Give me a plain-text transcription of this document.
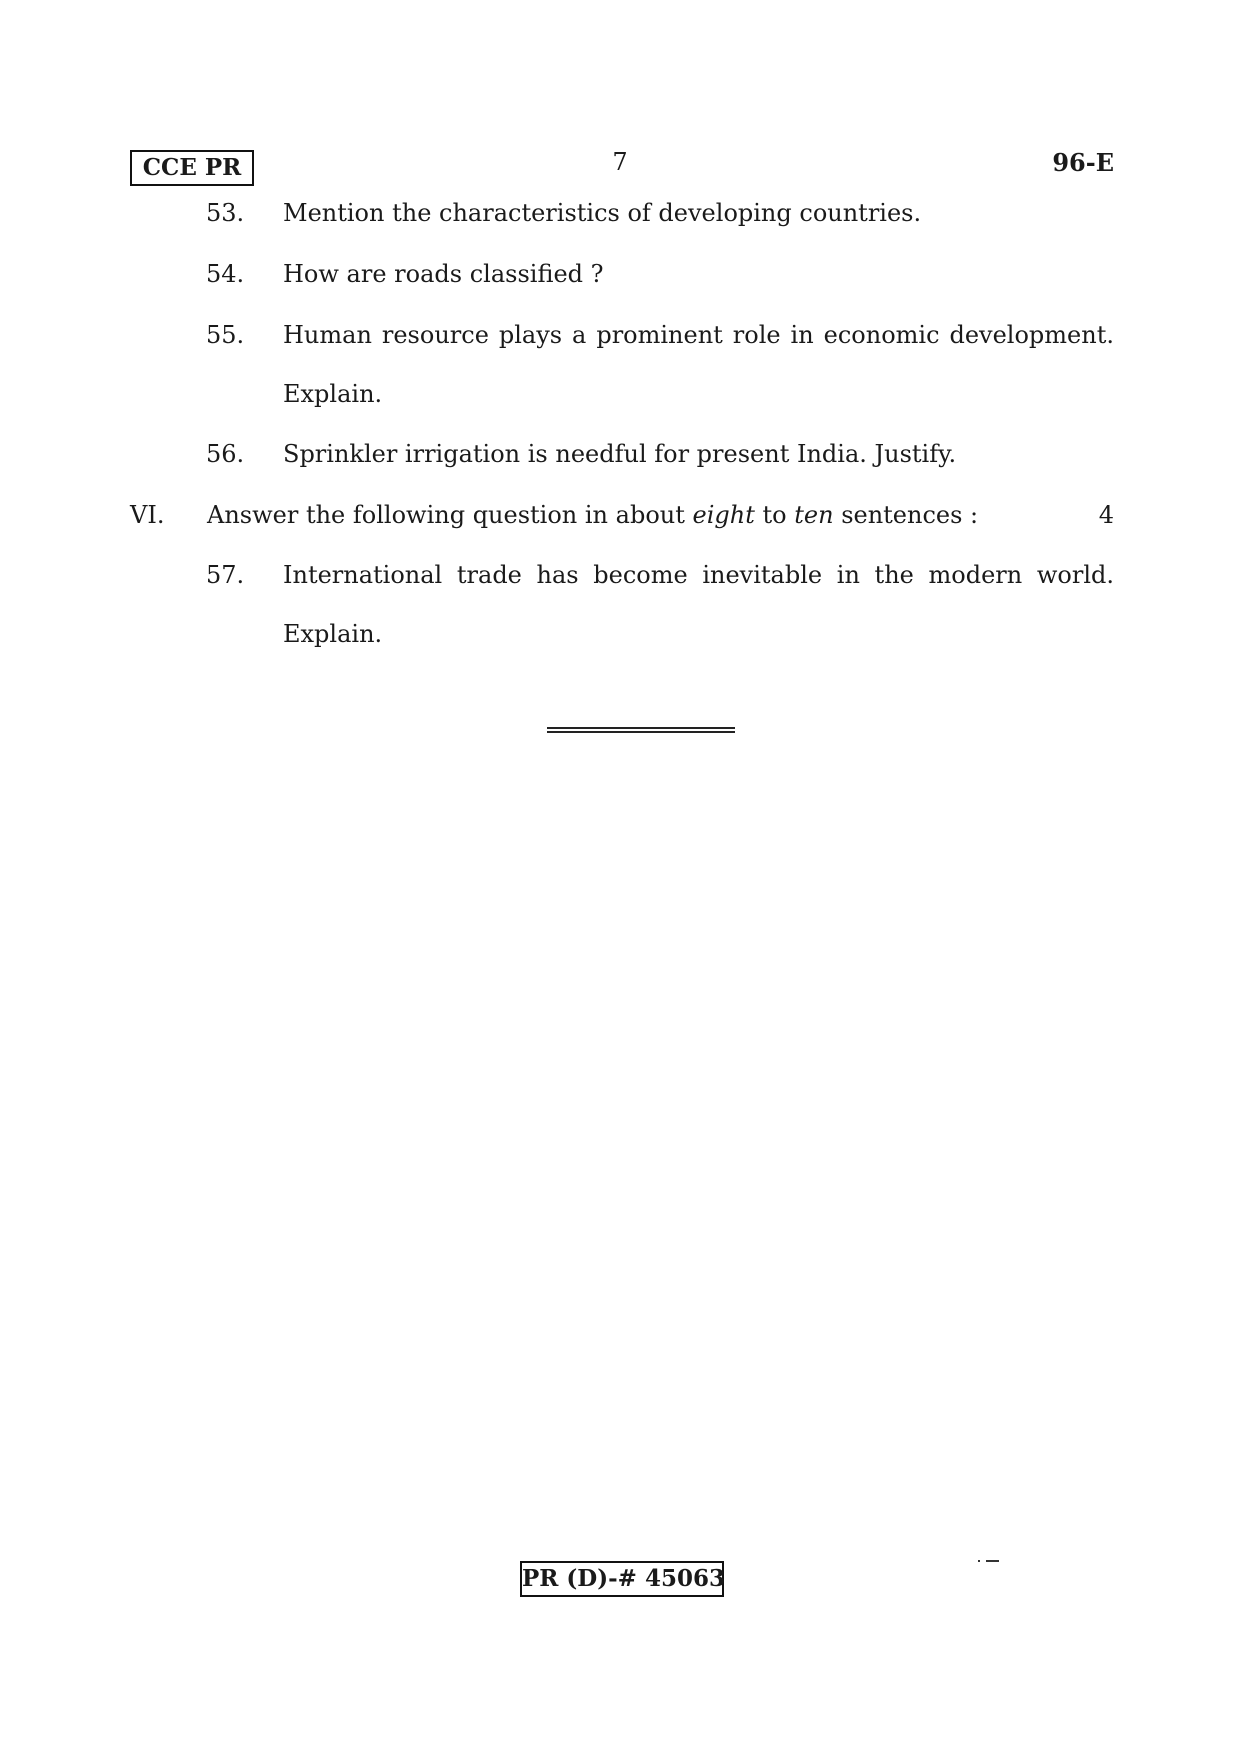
CCE PR	7	96-E
53.	Mention the characteristics of developing countries.
54.	How are roads classified ?
55.	Human resource plays a prominent role in economic development.
Explain.
56.	Sprinkler irrigation is needful for present India. Justify.
VI. Answer the following question in about eight to ten sentences :	4
57.	International trade has become inevitable in the modern world.
Explain.
PR (D)-# 45063
